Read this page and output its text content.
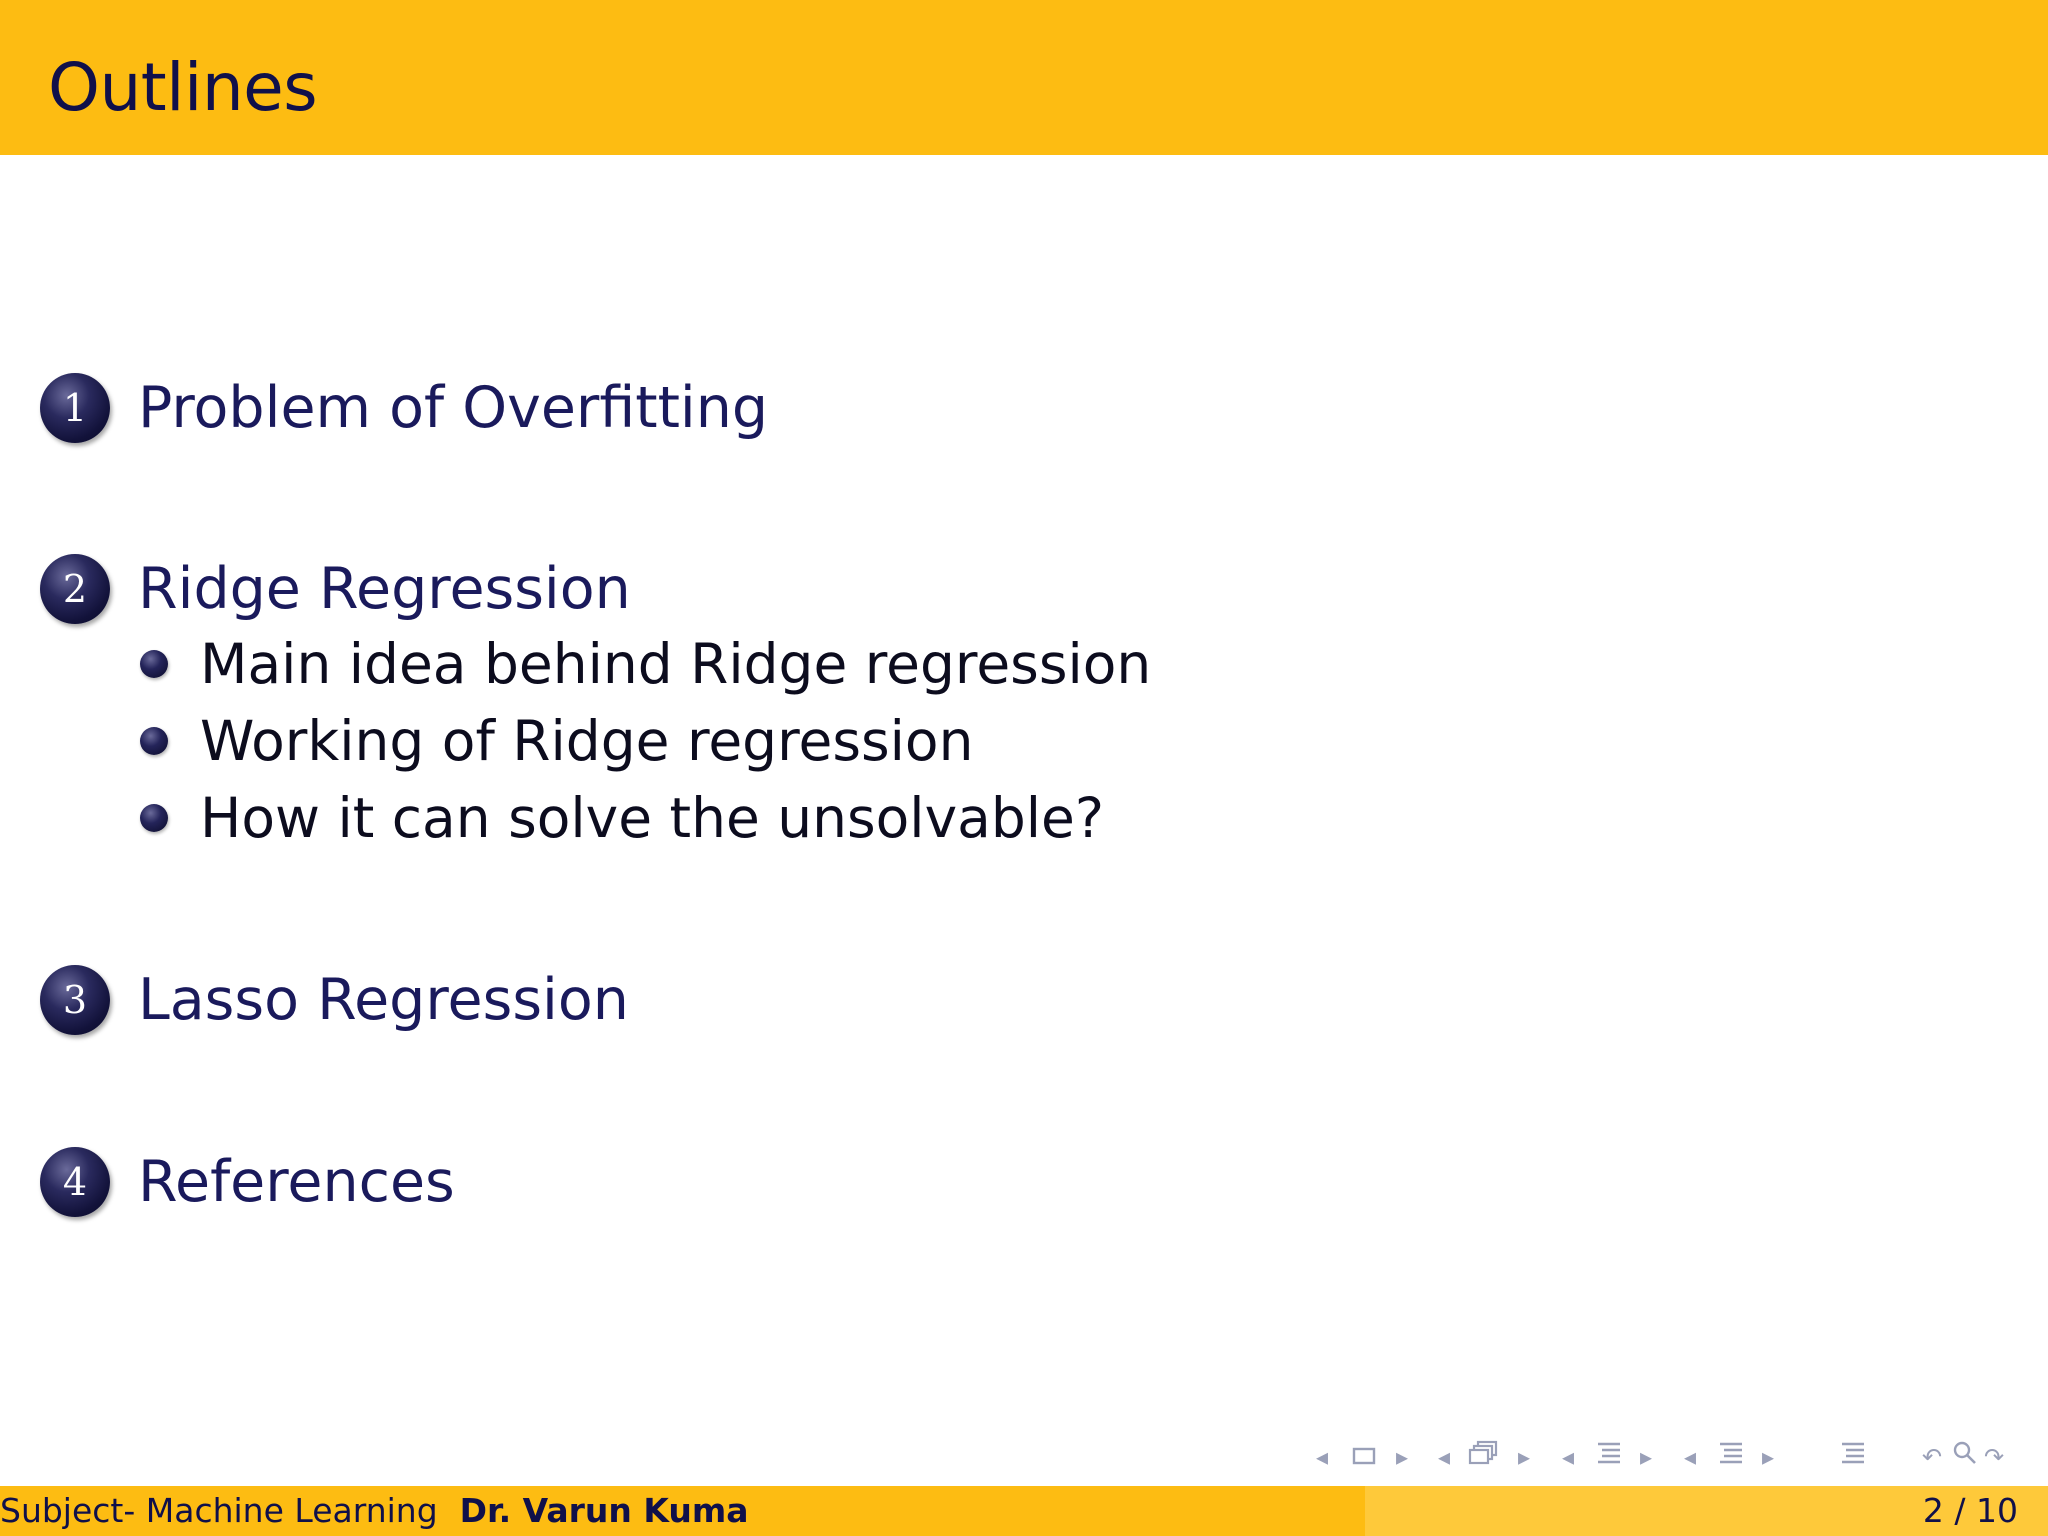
Outlines
1 Problem of Overfitting
2 Ridge Regression
Main idea behind Ridge regression
Working of Ridge regression
How it can solve the unsolvable?
3 Lasso Regression
4 References
◂	▸ ◂	▸ ◂	▸ ◂	▸	↶ ↷
Subject- Machine Learning Dr. Varun Kuma	2 / 10
